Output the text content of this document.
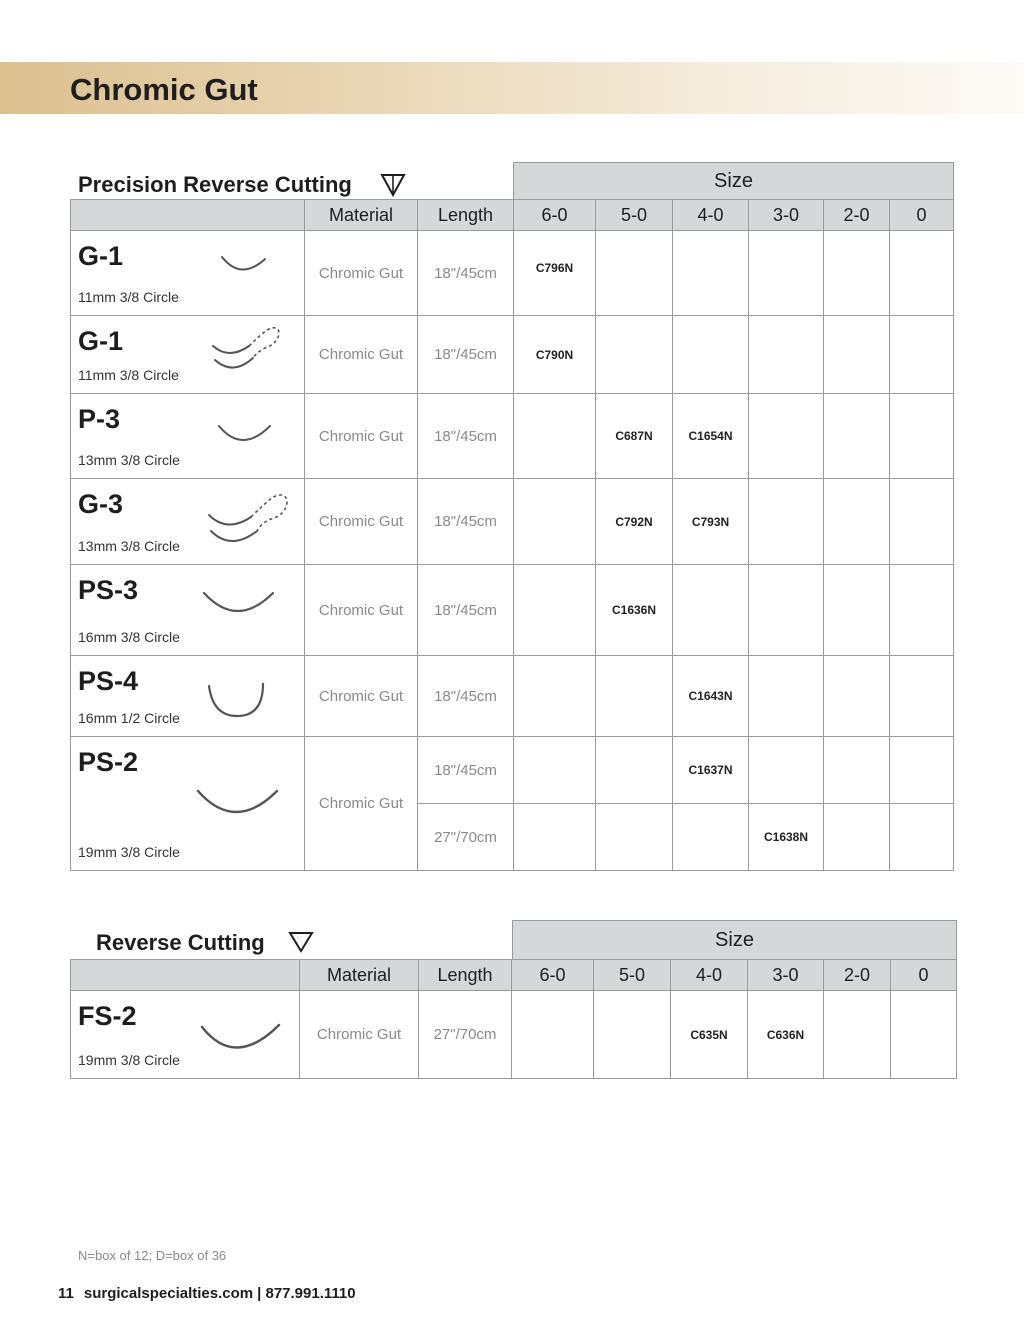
Chromic Gut
Precision Reverse Cutting	Size
	Material	Length	6-0	5-0	4-0	3-0	2-0	0

G-1
11mm 3/8 Circle	Chromic Gut	18"/45cm	C796N					

G-1
11mm 3/8 Circle	Chromic Gut	18"/45cm	C790N					

P-3
13mm 3/8 Circle	Chromic Gut	18"/45cm		C687N	C1654N			

G-3
13mm 3/8 Circle	Chromic Gut	18"/45cm		C792N	C793N			

PS-3
16mm 3/8 Circle	Chromic Gut	18"/45cm		C1636N				

PS-4
16mm 1/2 Circle	Chromic Gut	18"/45cm			C1643N			

PS-2
19mm 3/8 Circle	Chromic Gut	18"/45cm			C1637N			
		27"/70cm				C1638N		
Reverse Cutting	Size
	Material	Length	6-0	5-0	4-0	3-0	2-0	0

FS-2
19mm 3/8 Circle	Chromic Gut	27"/70cm			C635N	C636N		
N=box of 12; D=box of 36
11 surgicalspecialties.com | 877.991.1110
